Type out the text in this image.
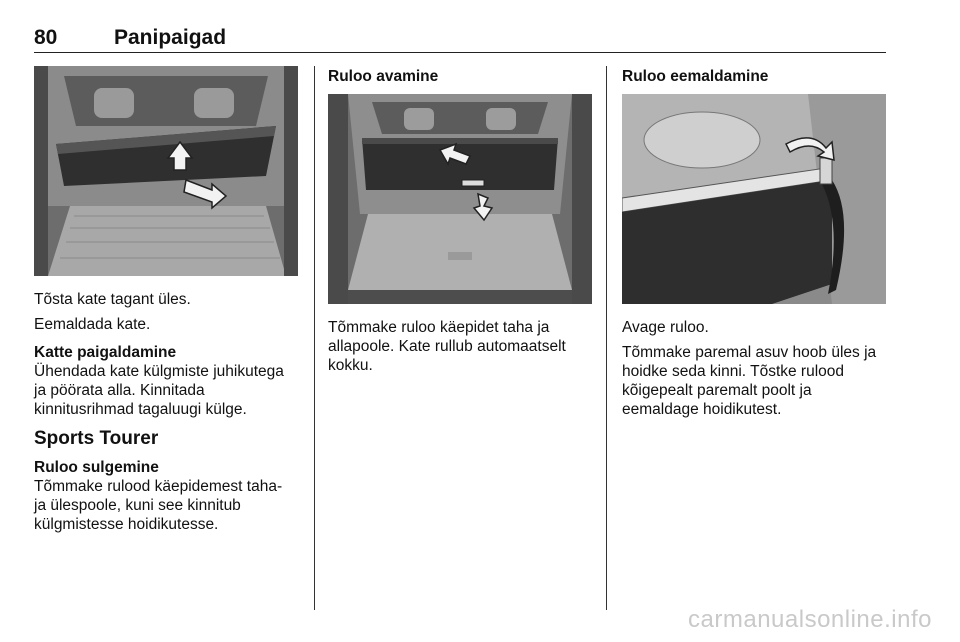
80	Panipaigad

Tõsta kate tagant üles.

Eemaldada kate.

Katte paigaldamine

Ühendada kate külgmiste juhikutega

ja pöörata alla. Kinnitada

kinnitusrihmad tagaluugi külge.

Sports Tourer

Ruloo sulgemine

Tõmmake rulood käepidemest taha-

ja ülespoole, kuni see kinnitub

külgmistesse hoidikutesse.

Ruloo avamine

Tõmmake ruloo käepidet taha ja

allapoole. Kate rullub automaatselt

kokku.

Ruloo eemaldamine

Avage ruloo.

Tõmmake paremal asuv hoob üles ja

hoidke seda kinni. Tõstke rulood

kõigepealt paremalt poolt ja

eemaldage hoidikutest.

carmanualsonline.info
